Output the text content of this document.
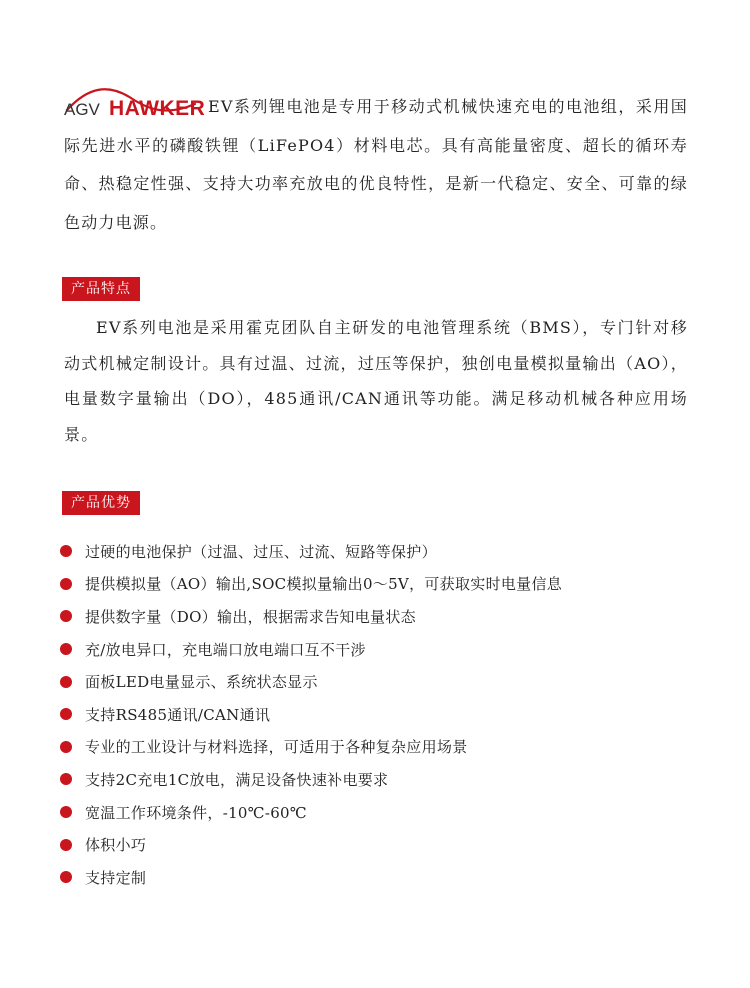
AGV HAWKER EV系列锂电池是专用于移动式机械快速充电的电池组，采用国际先进水平的磷酸铁锂（LiFePO4）材料电芯。具有高能量密度、超长的循环寿命、热稳定性强、支持大功率充放电的优良特性，是新一代稳定、安全、可靠的绿色动力电源。

产品特点

EV系列电池是采用霍克团队自主研发的电池管理系统（BMS），专门针对移动式机械定制设计。具有过温、过流，过压等保护，独创电量模拟量输出（AO），电量数字量输出（DO），485通讯/CAN通讯等功能。满足移动机械各种应用场景。

产品优势
过硬的电池保护（过温、过压、过流、短路等保护）
提供模拟量（AO）输出,SOC模拟量输出0～5V，可获取实时电量信息
提供数字量（DO）输出，根据需求告知电量状态
充/放电异口，充电端口放电端口互不干涉
面板LED电量显示、系统状态显示
支持RS485通讯/CAN通讯
专业的工业设计与材料选择，可适用于各种复杂应用场景
支持2C充电1C放电，满足设备快速补电要求
宽温工作环境条件，-10℃-60℃
体积小巧
支持定制
